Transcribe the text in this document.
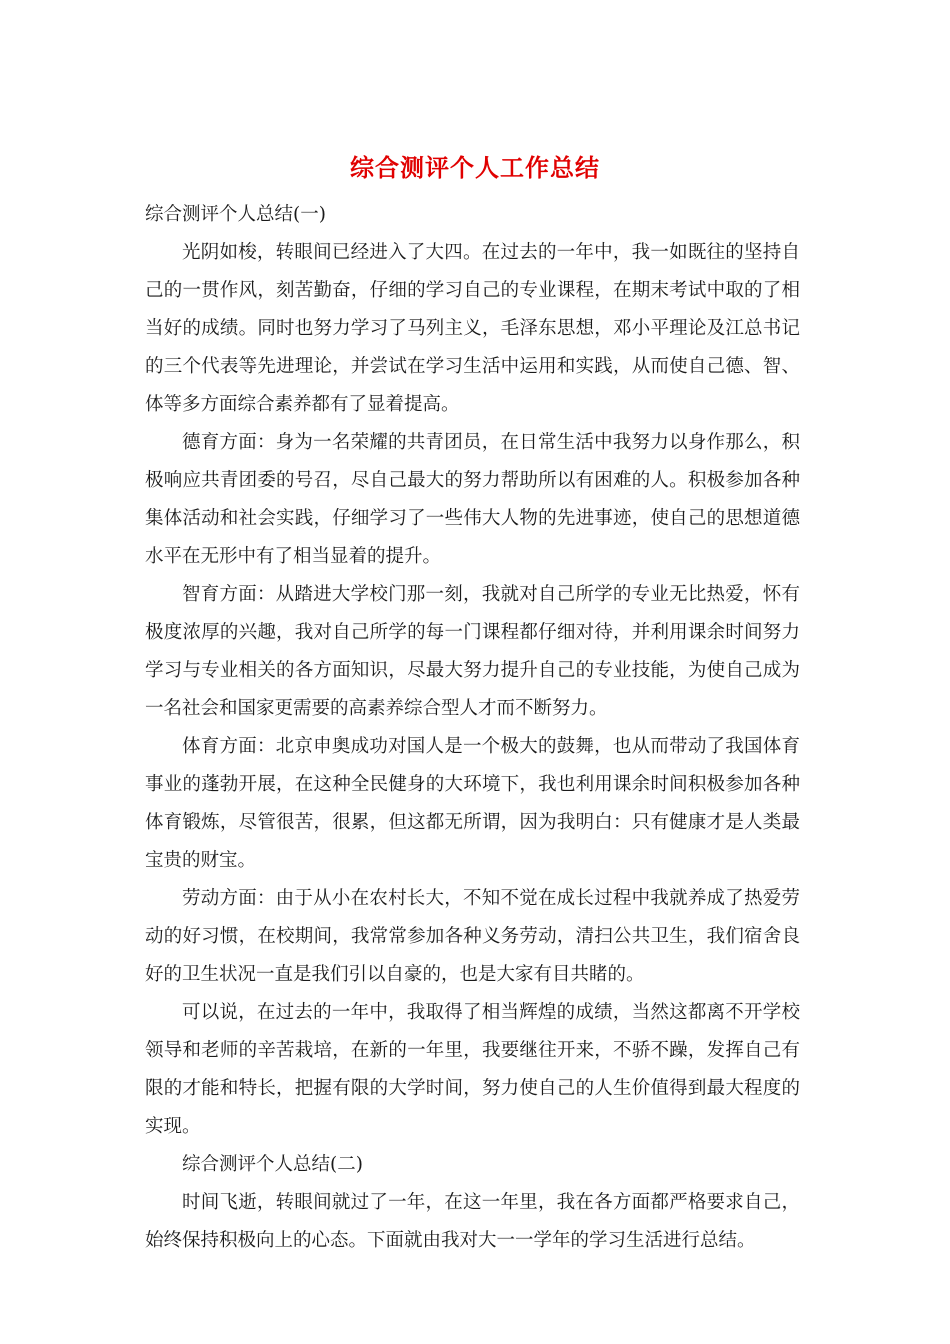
综合测评个人工作总结

综合测评个人总结(一)

光阴如梭，转眼间已经进入了大四。在过去的一年中，我一如既往的坚持自己的一贯作风，刻苦勤奋，仔细的学习自己的专业课程，在期末考试中取的了相当好的成绩。同时也努力学习了马列主义，毛泽东思想，邓小平理论及江总书记的三个代表等先进理论，并尝试在学习生活中运用和实践，从而使自己德、智、体等多方面综合素养都有了显着提高。

德育方面：身为一名荣耀的共青团员，在日常生活中我努力以身作那么，积极响应共青团委的号召，尽自己最大的努力帮助所以有困难的人。积极参加各种集体活动和社会实践，仔细学习了一些伟大人物的先进事迹，使自己的思想道德水平在无形中有了相当显着的提升。

智育方面：从踏进大学校门那一刻，我就对自己所学的专业无比热爱，怀有极度浓厚的兴趣，我对自己所学的每一门课程都仔细对待，并利用课余时间努力学习与专业相关的各方面知识，尽最大努力提升自己的专业技能，为使自己成为一名社会和国家更需要的高素养综合型人才而不断努力。

体育方面：北京申奥成功对国人是一个极大的鼓舞，也从而带动了我国体育事业的蓬勃开展，在这种全民健身的大环境下，我也利用课余时间积极参加各种体育锻炼，尽管很苦，很累，但这都无所谓，因为我明白：只有健康才是人类最宝贵的财宝。

劳动方面：由于从小在农村长大，不知不觉在成长过程中我就养成了热爱劳动的好习惯，在校期间，我常常参加各种义务劳动，清扫公共卫生，我们宿舍良好的卫生状况一直是我们引以自豪的，也是大家有目共睹的。

可以说，在过去的一年中，我取得了相当辉煌的成绩，当然这都离不开学校领导和老师的辛苦栽培，在新的一年里，我要继往开来，不骄不躁，发挥自己有限的才能和特长，把握有限的大学时间，努力使自己的人生价值得到最大程度的实现。

综合测评个人总结(二)

时间飞逝，转眼间就过了一年，在这一年里，我在各方面都严格要求自己，始终保持积极向上的心态。下面就由我对大一一学年的学习生活进行总结。
